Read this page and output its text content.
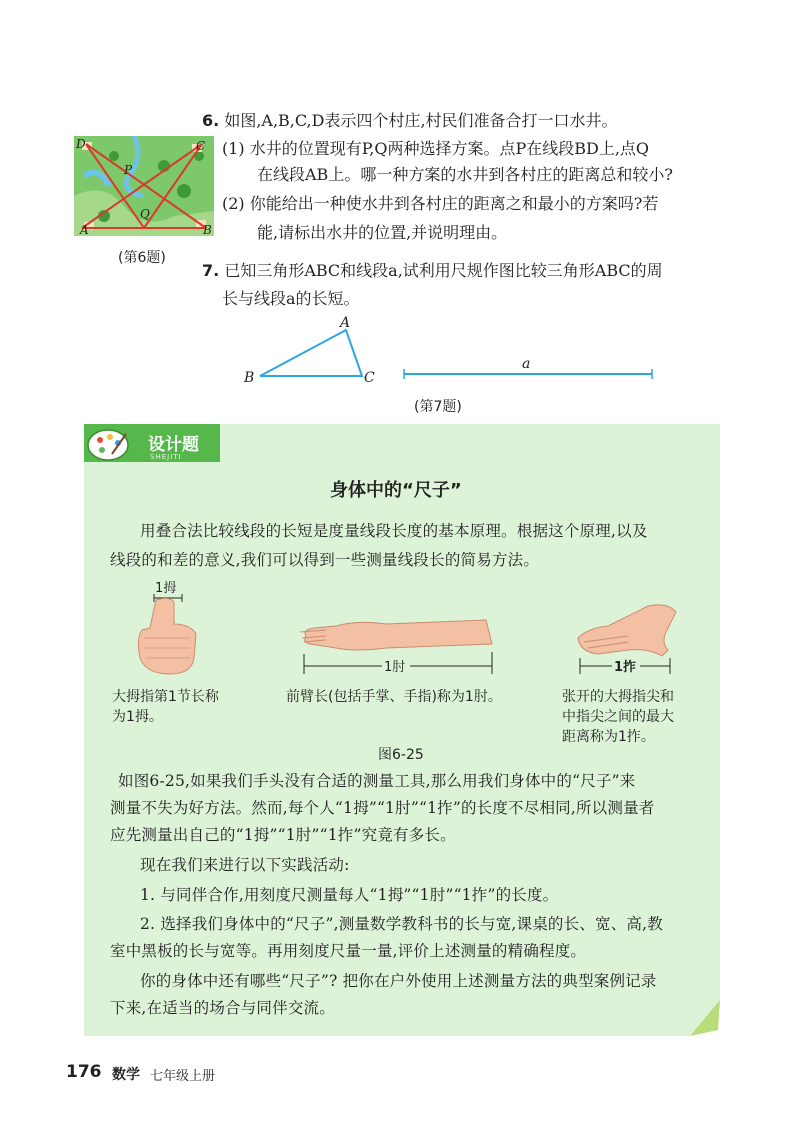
6. 如图,A,B,C,D表示四个村庄,村民们准备合打一口水井。
(1) 水井的位置现有P,Q两种选择方案。点P在线段BD上,点Q
在线段AB上。哪一种方案的水井到各村庄的距离总和较小?
(2) 你能给出一种使水井到各村庄的距离之和最小的方案吗?若
能,请标出水井的位置,并说明理由。
D	C
A	B
P
Q
(第6题)
7. 已知三角形ABC和线段a,试利用尺规作图比较三角形ABC的周
长与线段a的长短。
A
B	C
a
(第7题)
设计题
SHEJITI
身体中的“尺子”
用叠合法比较线段的长短是度量线段长度的基本原理。根据这个原理,以及
线段的和差的意义,我们可以得到一些测量线段长的简易方法。
1拇
1肘	1拃
大拇指第1节长称
为1拇。
前臂长(包括手掌、手指)称为1肘。	张开的大拇指尖和
中指尖之间的最大
距离称为1拃。
图6-25
如图6-25,如果我们手头没有合适的测量工具,那么用我们身体中的“尺子”来
测量不失为好方法。然而,每个人“1拇”“1肘”“1拃”的长度不尽相同,所以测量者
应先测量出自己的“1拇”“1肘”“1拃”究竟有多长。
现在我们来进行以下实践活动:
1. 与同伴合作,用刻度尺测量每人“1拇”“1肘”“1拃”的长度。
2. 选择我们身体中的“尺子”,测量数学教科书的长与宽,课桌的长、宽、高,教
室中黑板的长与宽等。再用刻度尺量一量,评价上述测量的精确程度。
你的身体中还有哪些“尺子”? 把你在户外使用上述测量方法的典型案例记录
下来,在适当的场合与同伴交流。
176 数学 七年级上册
